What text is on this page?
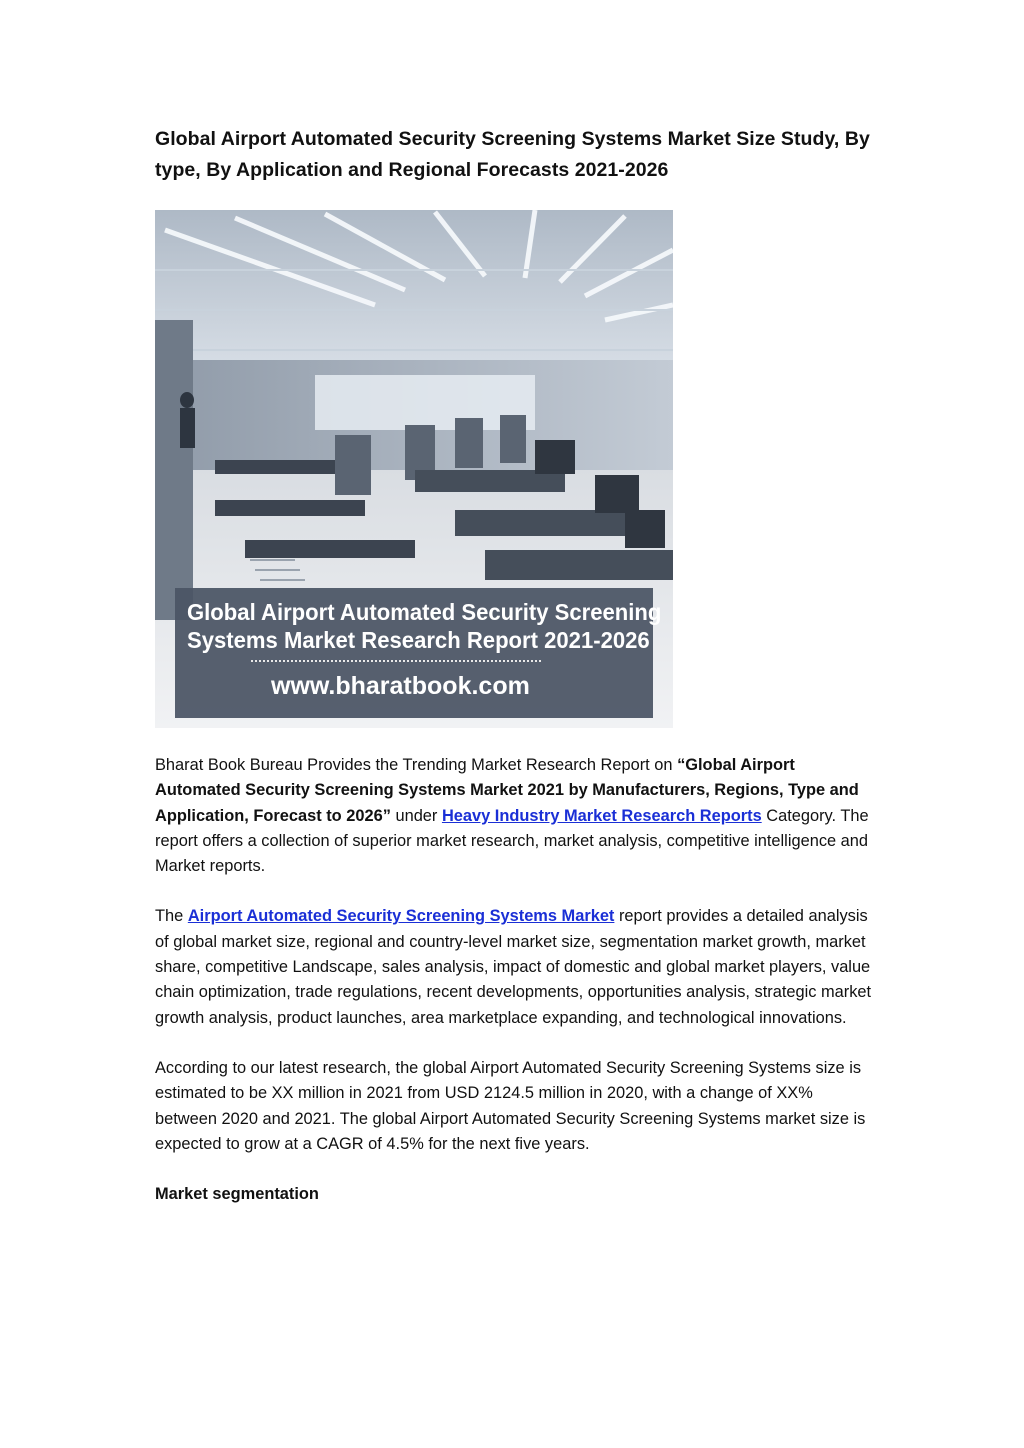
Global Airport Automated Security Screening Systems Market Size Study, By type, By Application and Regional Forecasts 2021-2026
Global Airport Automated Security Screening
Systems Market Research Report 2021-2026
www.bharatbook.com

Bharat Book Bureau Provides the Trending Market Research Report on “Global Airport Automated Security Screening Systems Market 2021 by Manufacturers, Regions, Type and Application, Forecast to 2026” under Heavy Industry Market Research Reports Category. The report offers a collection of superior market research, market analysis, competitive intelligence and Market reports.

The Airport Automated Security Screening Systems Market report provides a detailed analysis of global market size, regional and country-level market size, segmentation market growth, market share, competitive Landscape, sales analysis, impact of domestic and global market players, value chain optimization, trade regulations, recent developments, opportunities analysis, strategic market growth analysis, product launches, area marketplace expanding, and technological innovations.

According to our latest research, the global Airport Automated Security Screening Systems size is estimated to be XX million in 2021 from USD 2124.5 million in 2020, with a change of XX% between 2020 and 2021. The global Airport Automated Security Screening Systems market size is expected to grow at a CAGR of 4.5% for the next five years.

Market segmentation
